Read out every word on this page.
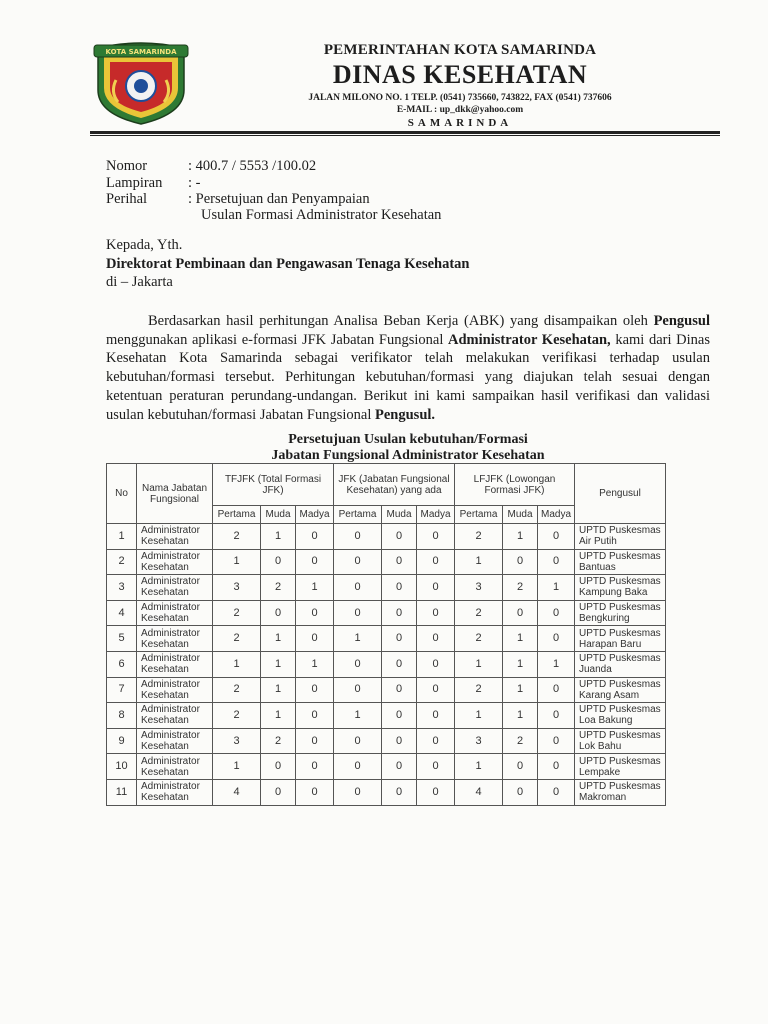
KOTA SAMARINDA	PEMERINTAHAN KOTA SAMARINDA
DINAS KESEHATAN
JALAN MILONO NO. 1 TELP. (0541) 735660, 743822, FAX (0541) 737606
E-MAIL : up_dkk@yahoo.com
SAMARINDA
Nomor	: 400.7 / 5553 /100.02
Lampiran : -
Perihal	: Persetujuan dan Penyampaian
Usulan Formasi Administrator Kesehatan
Kepada, Yth.
Direktorat Pembinaan dan Pengawasan Tenaga Kesehatan
di – Jakarta
Berdasarkan hasil perhitungan Analisa Beban Kerja (ABK) yang disampaikan oleh Pengusul menggunakan aplikasi e-formasi JFK Jabatan Fungsional Administrator Kesehatan, kami dari Dinas Kesehatan Kota Samarinda sebagai verifikator telah melakukan verifikasi terhadap usulan kebutuhan/formasi tersebut. Perhitungan kebutuhan/formasi yang diajukan telah sesuai dengan ketentuan peraturan perundang-undangan. Berikut ini kami sampaikan hasil verifikasi dan validasi usulan kebutuhan/formasi Jabatan Fungsional Pengusul.
Persetujuan Usulan kebutuhan/Formasi
Jabatan Fungsional Administrator Kesehatan
No	Nama Jabatan Fungsional	TFJFK (Total Formasi JFK)			JFK (Jabatan Fungsional Kesehatan) yang ada			LFJFK (Lowongan Formasi JFK)			Pengusul
		Pertama	Muda	Madya	Pertama	Muda	Madya	Pertama	Muda	Madya	
1	Administrator Kesehatan	2	1	0	0	0	0	2	1	0	UPTD Puskesmas Air Putih
2	Administrator Kesehatan	1	0	0	0	0	0	1	0	0	UPTD Puskesmas Bantuas
3	Administrator Kesehatan	3	2	1	0	0	0	3	2	1	UPTD Puskesmas Kampung Baka
4	Administrator Kesehatan	2	0	0	0	0	0	2	0	0	UPTD Puskesmas Bengkuring
5	Administrator Kesehatan	2	1	0	1	0	0	2	1	0	UPTD Puskesmas Harapan Baru
6	Administrator Kesehatan	1	1	1	0	0	0	1	1	1	UPTD Puskesmas Juanda
7	Administrator Kesehatan	2	1	0	0	0	0	2	1	0	UPTD Puskesmas Karang Asam
8	Administrator Kesehatan	2	1	0	1	0	0	1	1	0	UPTD Puskesmas Loa Bakung
9	Administrator Kesehatan	3	2	0	0	0	0	3	2	0	UPTD Puskesmas Lok Bahu
10	Administrator Kesehatan	1	0	0	0	0	0	1	0	0	UPTD Puskesmas Lempake
11	Administrator Kesehatan	4	0	0	0	0	0	4	0	0	UPTD Puskesmas Makroman
